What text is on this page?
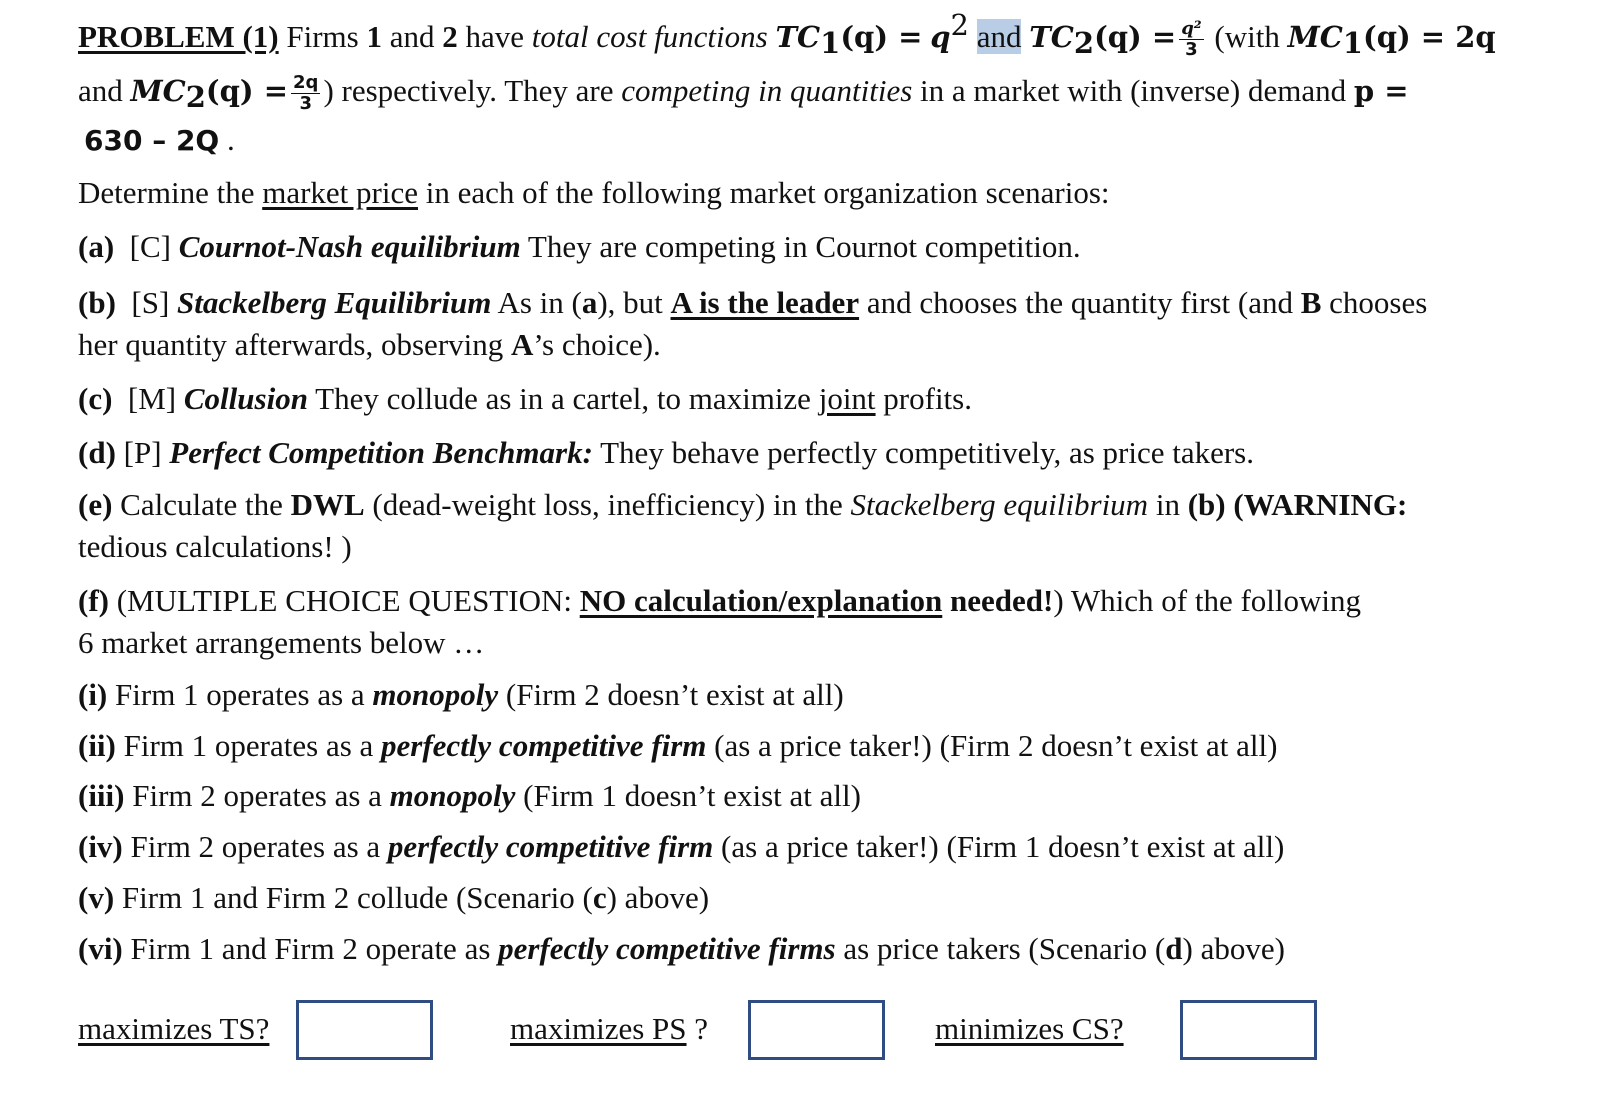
PROBLEM (1) Firms 1 and 2 have total cost functions $TC_1(q) = q^2$ and $TC_2(q) = \frac{\text{q²}}{3}$ (with $MC_1(q) = 2q$
and $MC_2(q) = \frac{2q}{3}$ ) respectively. They are competing in quantities in a market with (inverse) demand p =
630 – 2Q .
Determine the market price in each of the following market organization scenarios:
(a) [C] Cournot-Nash equilibrium They are competing in Cournot competition.
(b) [S] Stackelberg Equilibrium As in (a), but A is the leader and chooses the quantity first (and B chooses
her quantity afterwards, observing A’s choice).
(c) [M] Collusion They collude as in a cartel, to maximize joint profits.
(d) [P] Perfect Competition Benchmark: They behave perfectly competitively, as price takers.
(e) Calculate the DWL (dead-weight loss, inefficiency) in the Stackelberg equilibrium in (b) (WARNING:
tedious calculations! )
(f) (MULTIPLE CHOICE QUESTION: NO calculation/explanation needed!) Which of the following
6 market arrangements below …
(i) Firm 1 operates as a monopoly (Firm 2 doesn’t exist at all)
(ii) Firm 1 operates as a perfectly competitive firm (as a price taker!) (Firm 2 doesn’t exist at all)
(iii) Firm 2 operates as a monopoly (Firm 1 doesn’t exist at all)
(iv) Firm 2 operates as a perfectly competitive firm (as a price taker!) (Firm 1 doesn’t exist at all)
(v) Firm 1 and Firm 2 collude (Scenario (c) above)
(vi) Firm 1 and Firm 2 operate as perfectly competitive firms as price takers (Scenario (d) above)
maximizes TS?	maximizes PS ?	minimizes CS?
